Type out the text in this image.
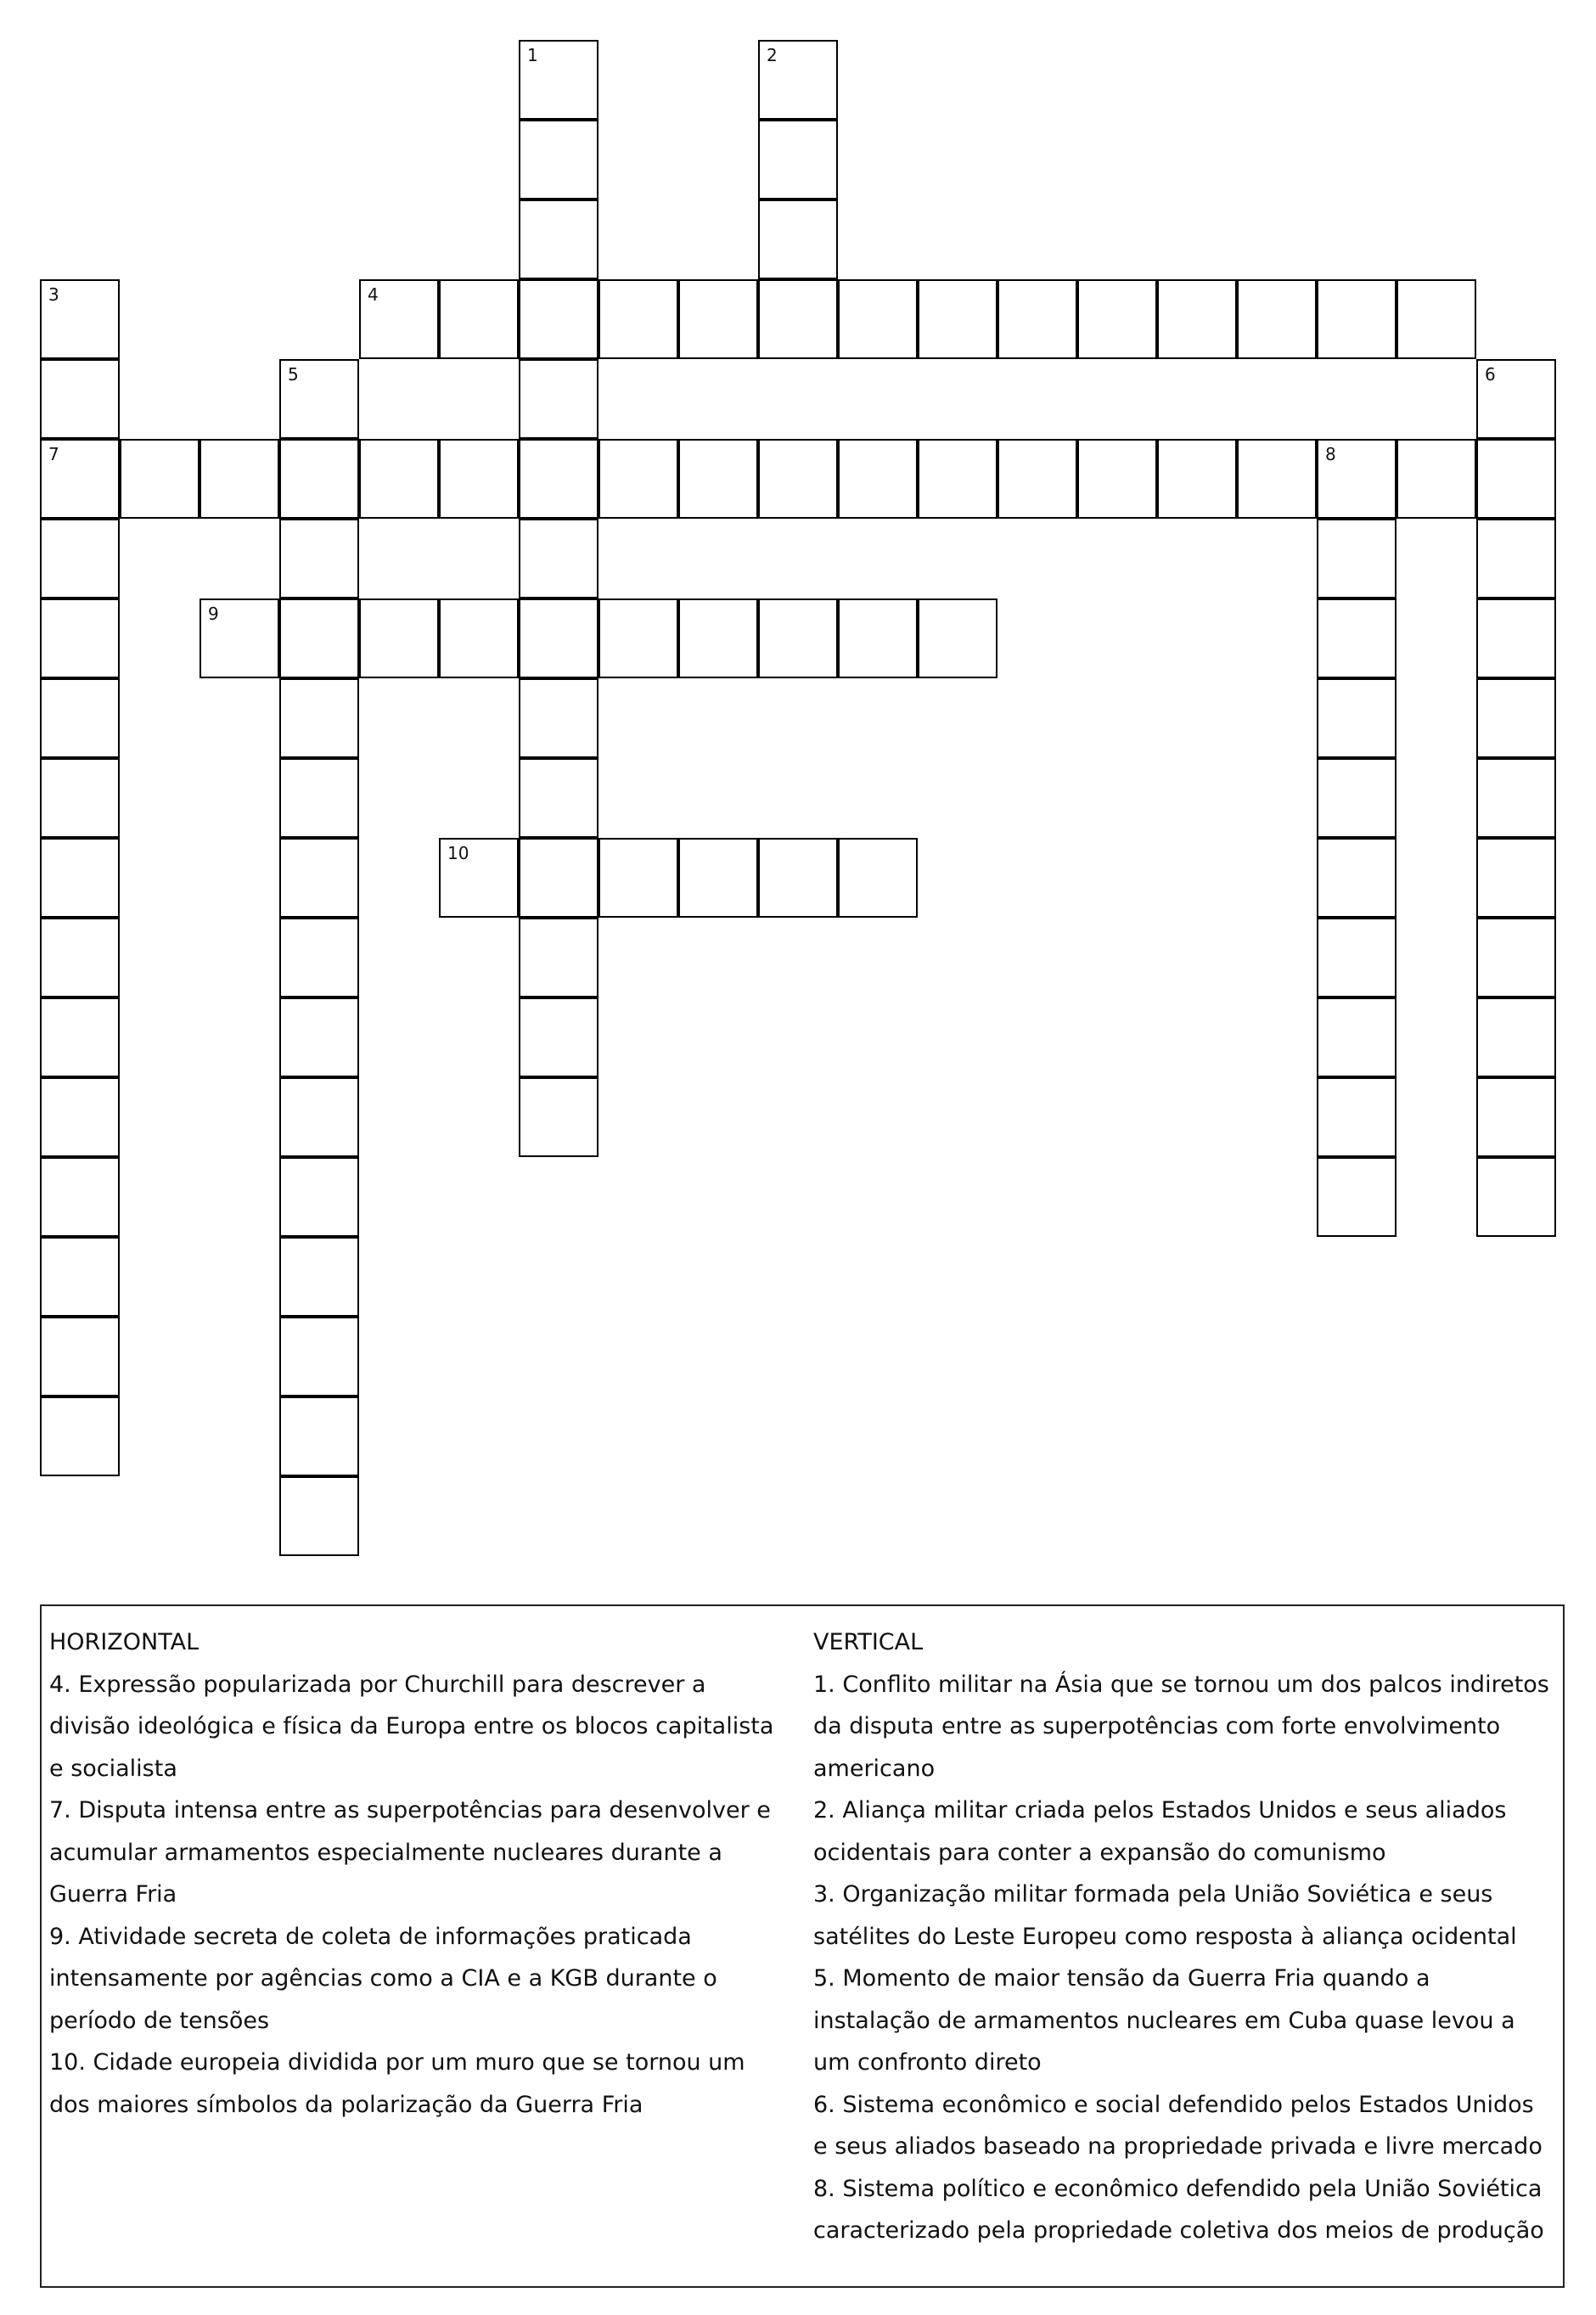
1	2
3
7
4
5	6
8
9
10
HORIZONTAL
4. Expressão popularizada por Churchill para descrever a divisão ideológica e física da Europa entre os blocos capitalista e socialista
7. Disputa intensa entre as superpotências para desenvolver e acumular armamentos especialmente nucleares durante a Guerra Fria
9. Atividade secreta de coleta de informações praticada intensamente por agências como a CIA e a KGB durante o período de tensões
10. Cidade europeia dividida por um muro que se tornou um dos maiores símbolos da polarização da Guerra Fria
VERTICAL
1. Conflito militar na Ásia que se tornou um dos palcos indiretos da disputa entre as superpotências com forte envolvimento americano
2. Aliança militar criada pelos Estados Unidos e seus aliados ocidentais para conter a expansão do comunismo
3. Organização militar formada pela União Soviética e seus satélites do Leste Europeu como resposta à aliança ocidental
5. Momento de maior tensão da Guerra Fria quando a instalação de armamentos nucleares em Cuba quase levou a um confronto direto
6. Sistema econômico e social defendido pelos Estados Unidos e seus aliados baseado na propriedade privada e livre mercado
8. Sistema político e econômico defendido pela União Soviética caracterizado pela propriedade coletiva dos meios de produção
